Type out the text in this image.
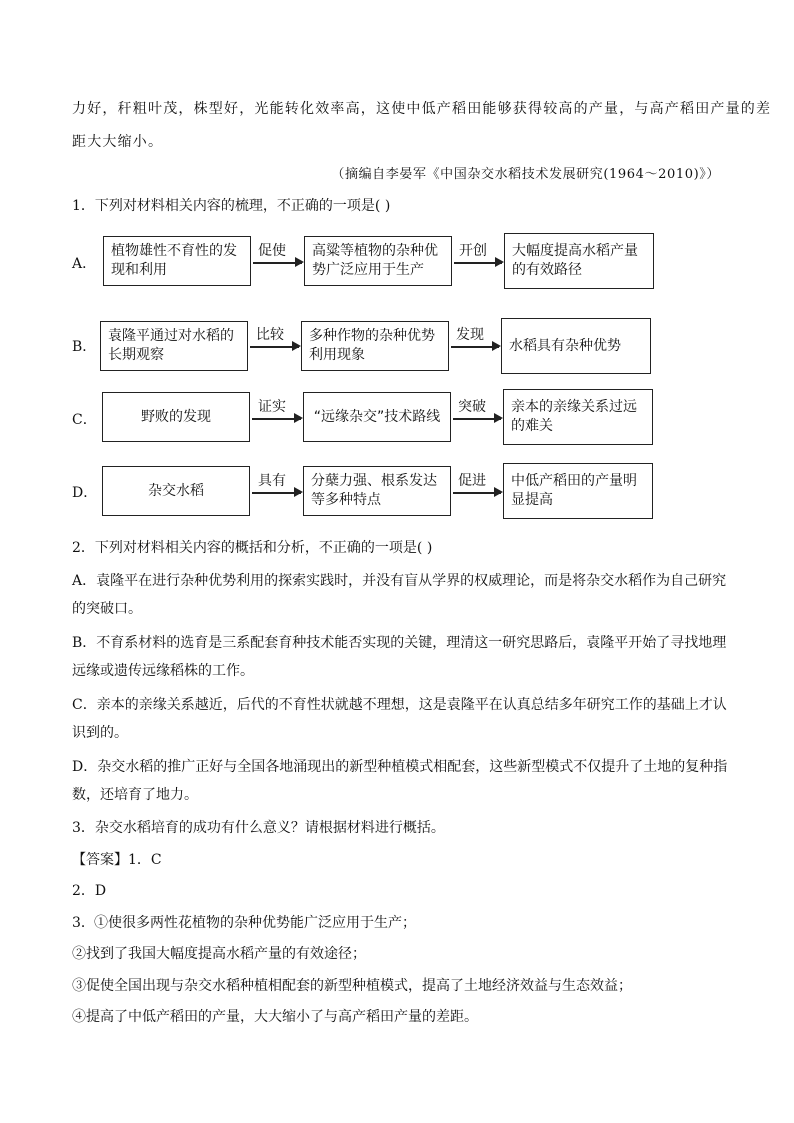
力好，秆粗叶茂，株型好，光能转化效率高，这使中低产稻田能够获得较高的产量，与高产稻田产量的差
距大大缩小。
（摘编自李晏军《中国杂交水稻技术发展研究(1964～2010)》）
1．下列对材料相关内容的梳理，不正确的一项是( )
A．
植物雄性不育性的发现和利用
促使 高粱等植物的杂种优势广泛应用于生产
开创 大幅度提高水稻产量的有效路径
B．
袁隆平通过对水稻的长期观察
比较 多种作物的杂种优势利用现象
发现
水稻具有杂种优势
C．	野败的发现
证实
“远缘杂交”技术路线
突破 亲本的亲缘关系过远的难关
D．	杂交水稻
具有 分蘖力强、根系发达等多种特点
促进 中低产稻田的产量明显提高
2．下列对材料相关内容的概括和分析，不正确的一项是( )
A．袁隆平在进行杂种优势利用的探索实践时，并没有盲从学界的权威理论，而是将杂交水稻作为自己研究
的突破口。
B．不育系材料的选育是三系配套育种技术能否实现的关键，理清这一研究思路后，袁隆平开始了寻找地理
远缘或遗传远缘稻株的工作。
C．亲本的亲缘关系越近，后代的不育性状就越不理想，这是袁隆平在认真总结多年研究工作的基础上才认
识到的。
D．杂交水稻的推广正好与全国各地涌现出的新型种植模式相配套，这些新型模式不仅提升了土地的复种指
数，还培育了地力。
3．杂交水稻培育的成功有什么意义？请根据材料进行概括。
【答案】1．C
2．D
3．①使很多两性花植物的杂种优势能广泛应用于生产；
②找到了我国大幅度提高水稻产量的有效途径；
③促使全国出现与杂交水稻种植相配套的新型种植模式，提高了土地经济效益与生态效益；
④提高了中低产稻田的产量，大大缩小了与高产稻田产量的差距。
